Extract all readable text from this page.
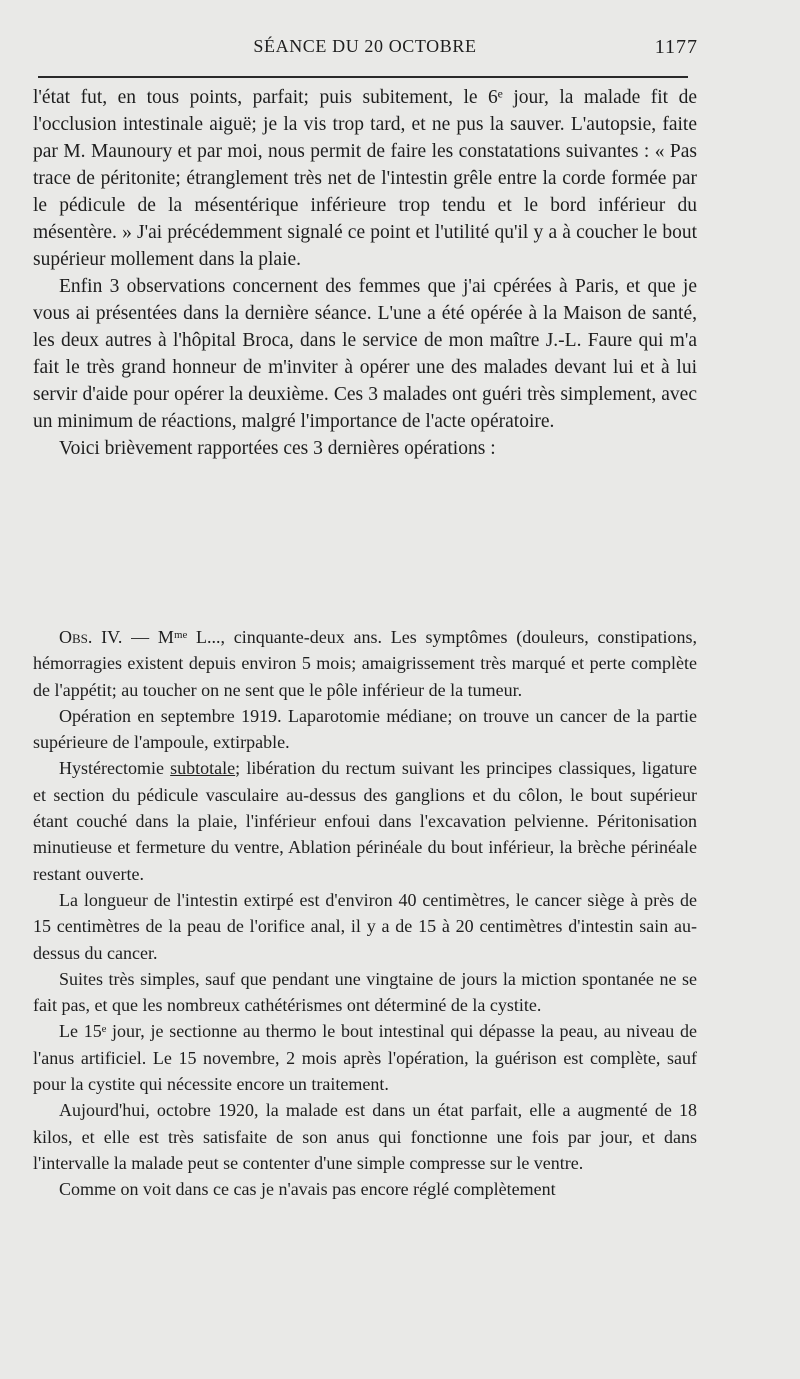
SÉANCE DU 20 OCTOBRE	1177

l'état fut, en tous points, parfait; puis subitement, le 6ᵉ jour, la malade fit de l'occlusion intestinale aiguë; je la vis trop tard, et ne pus la sauver. L'autopsie, faite par M. Maunoury et par moi, nous permit de faire les constatations suivantes : « Pas trace de péritonite; étranglement très net de l'intestin grêle entre la corde formée par le pédicule de la mésentérique inférieure trop tendu et le bord inférieur du mésentère. » J'ai précédemment signalé ce point et l'utilité qu'il y a à coucher le bout supérieur mollement dans la plaie.

Enfin 3 observations concernent des femmes que j'ai cpérées à Paris, et que je vous ai présentées dans la dernière séance. L'une a été opérée à la Maison de santé, les deux autres à l'hôpital Broca, dans le service de mon maître J.-L. Faure qui m'a fait le très grand honneur de m'inviter à opérer une des malades devant lui et à lui servir d'aide pour opérer la deuxième. Ces 3 malades ont guéri très simplement, avec un minimum de réactions, malgré l'importance de l'acte opératoire.

Voici brièvement rapportées ces 3 dernières opérations :

Obs. IV. — Mᵐᵉ L..., cinquante-deux ans. Les symptômes (douleurs, constipations, hémorragies existent depuis environ 5 mois; amaigrissement très marqué et perte complète de l'appétit; au toucher on ne sent que le pôle inférieur de la tumeur.

Opération en septembre 1919. Laparotomie médiane; on trouve un cancer de la partie supérieure de l'ampoule, extirpable.

Hystérectomie subtotale; libération du rectum suivant les principes classiques, ligature et section du pédicule vasculaire au-dessus des ganglions et du côlon, le bout supérieur étant couché dans la plaie, l'inférieur enfoui dans l'excavation pelvienne. Péritonisation minutieuse et fermeture du ventre, Ablation périnéale du bout inférieur, la brèche périnéale restant ouverte.

La longueur de l'intestin extirpé est d'environ 40 centimètres, le cancer siège à près de 15 centimètres de la peau de l'orifice anal, il y a de 15 à 20 centimètres d'intestin sain au-dessus du cancer.

Suites très simples, sauf que pendant une vingtaine de jours la miction spontanée ne se fait pas, et que les nombreux cathétérismes ont déterminé de la cystite.

Le 15ᵉ jour, je sectionne au thermo le bout intestinal qui dépasse la peau, au niveau de l'anus artificiel. Le 15 novembre, 2 mois après l'opération, la guérison est complète, sauf pour la cystite qui nécessite encore un traitement.

Aujourd'hui, octobre 1920, la malade est dans un état parfait, elle a augmenté de 18 kilos, et elle est très satisfaite de son anus qui fonctionne une fois par jour, et dans l'intervalle la malade peut se contenter d'une simple compresse sur le ventre.

Comme on voit dans ce cas je n'avais pas encore réglé complètement
